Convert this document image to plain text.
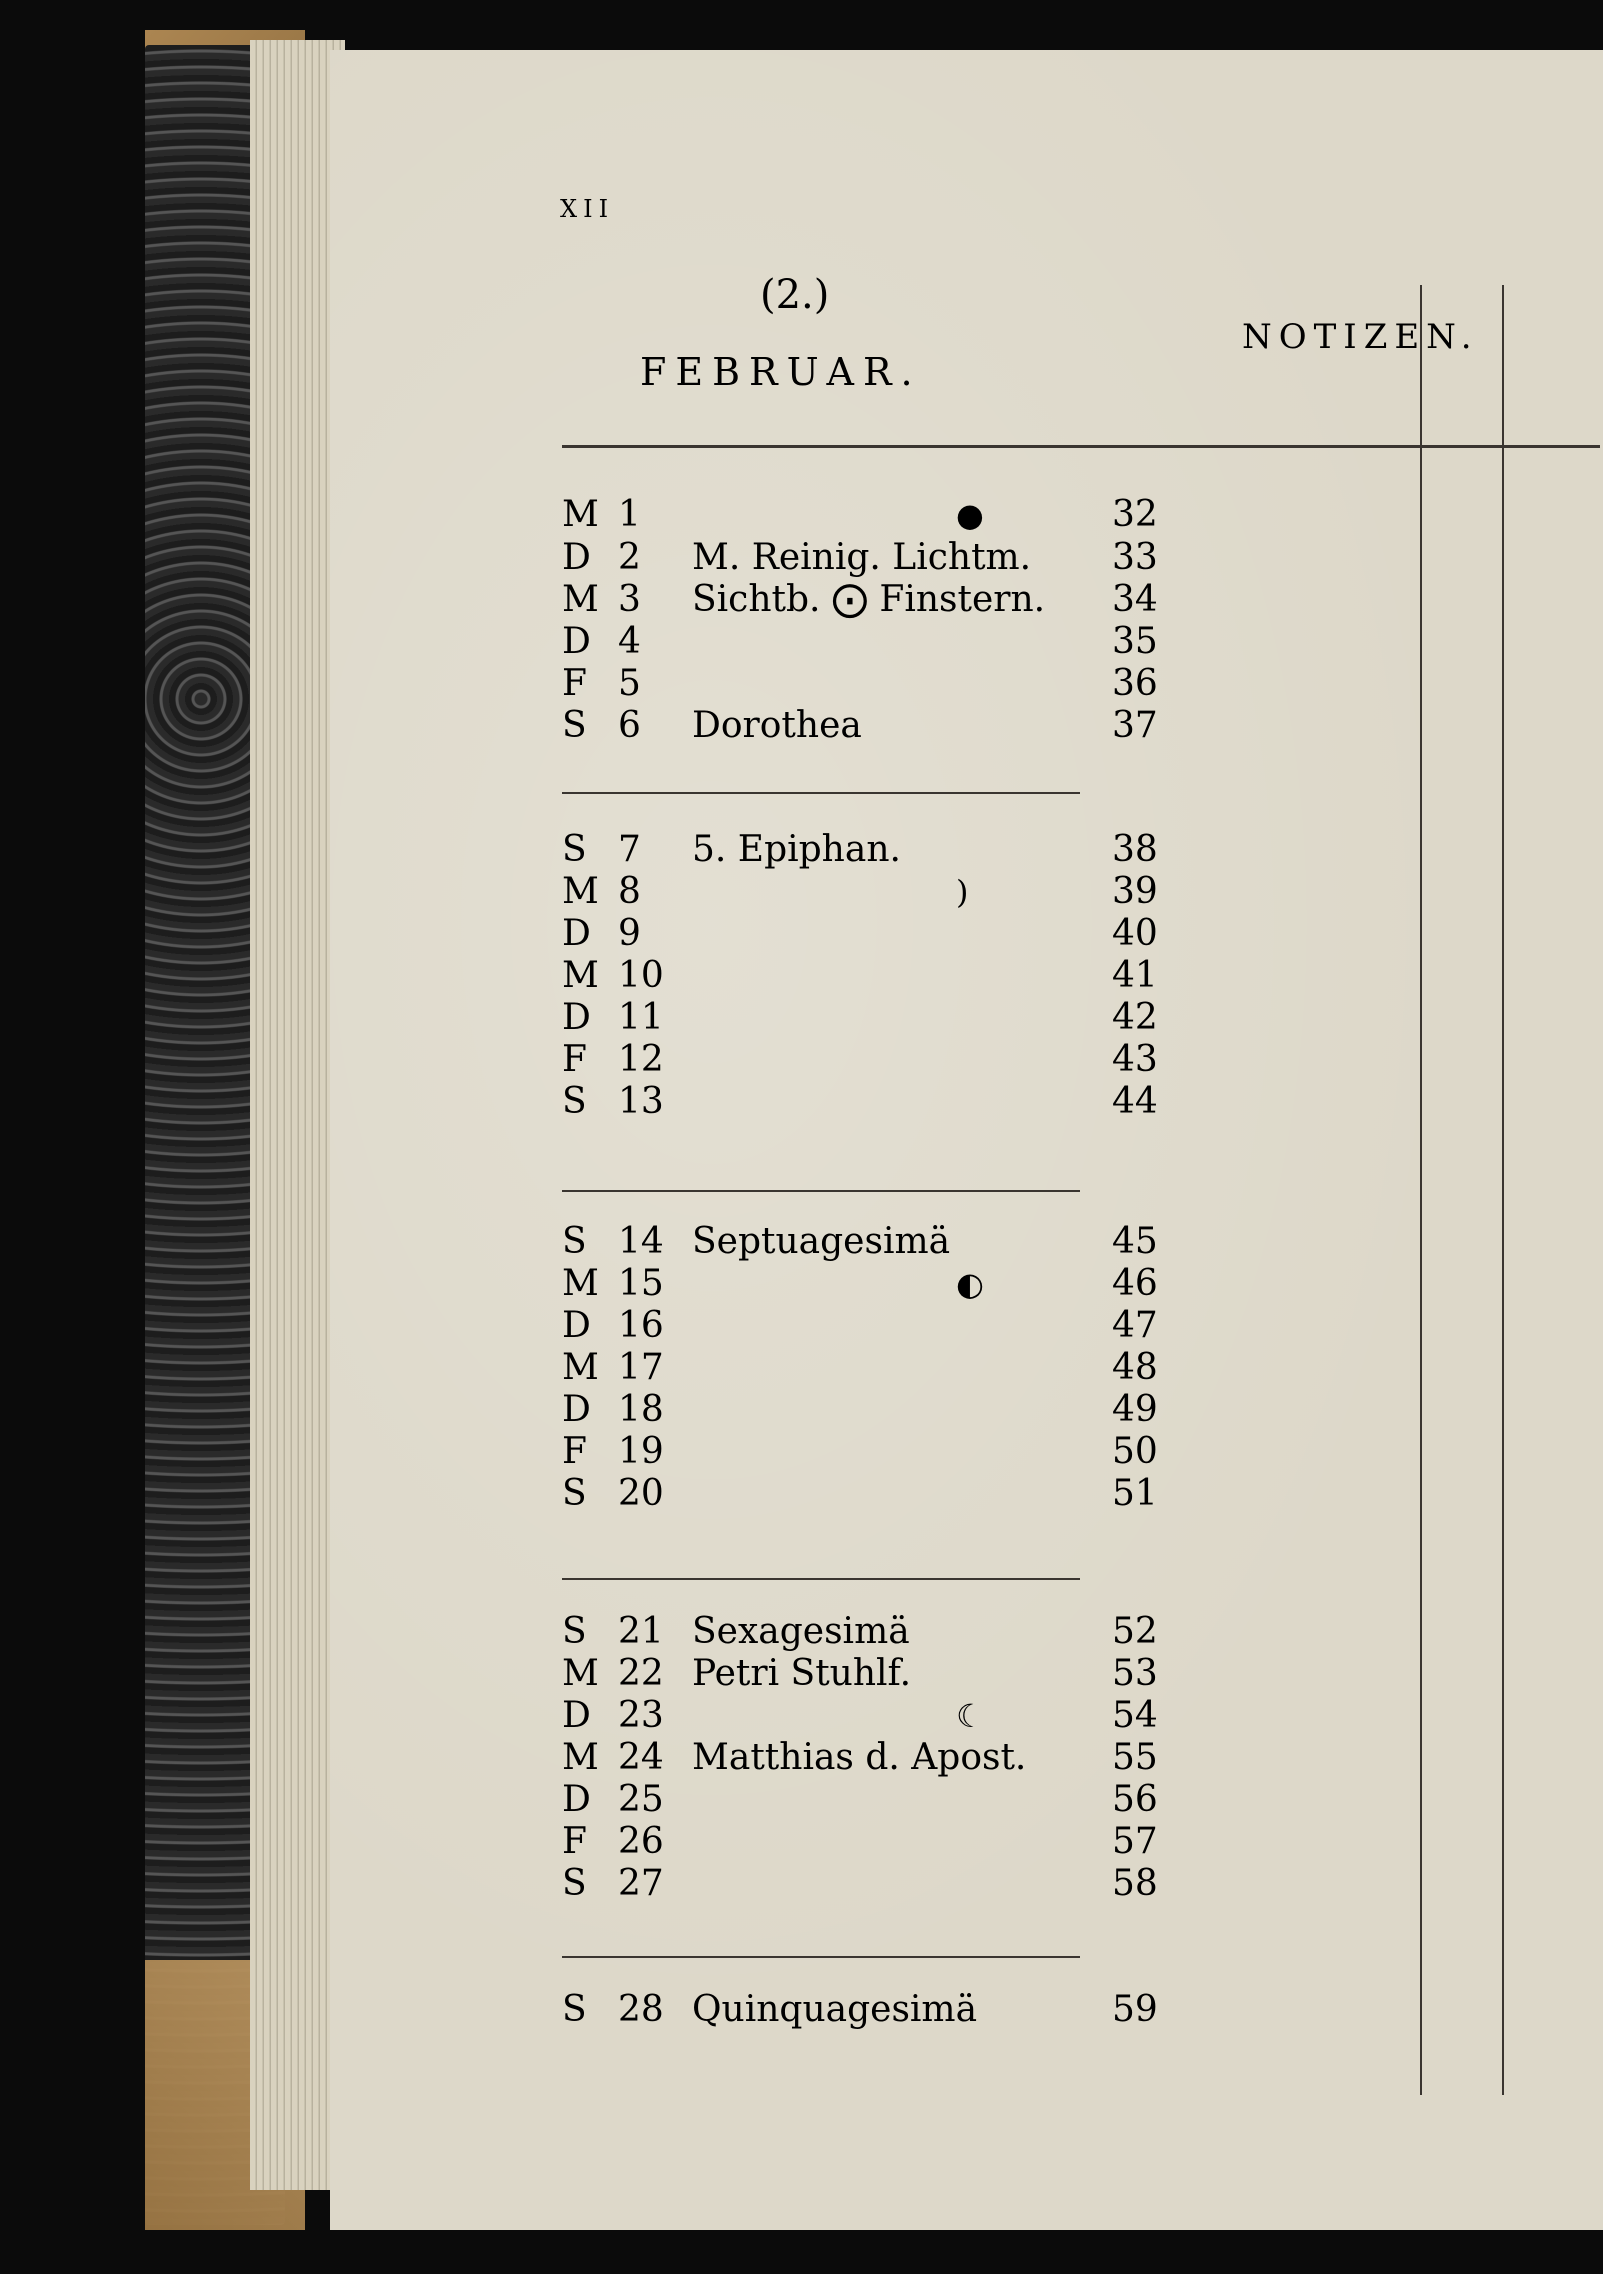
XII
(2.)
FEBRUAR.
NOTIZEN.
M 1	●	32
D 2	M. Reinig. Lichtm. 33
M 3	Sichtb. ⨀ Finstern. 34
D 4	35
F 5	36
S 6	Dorothea	37
S 7	5. Epiphan.	38
M 8	)	39
D 9	40
M 10	41
D 11	42
F 12	43
S 13	44
S 14 Septuagesimä	45
M 15	◐	46
D 16	47
M 17	48
D 18	49
F 19	50
S 20	51
S 21 Sexagesimä	52
M 22 Petri Stuhlf.	53
D 23	☾	54
M 24 Matthias d. Apost. 55
D 25	56
F 26	57
S 27	58
S 28 Quinquagesimä	59
